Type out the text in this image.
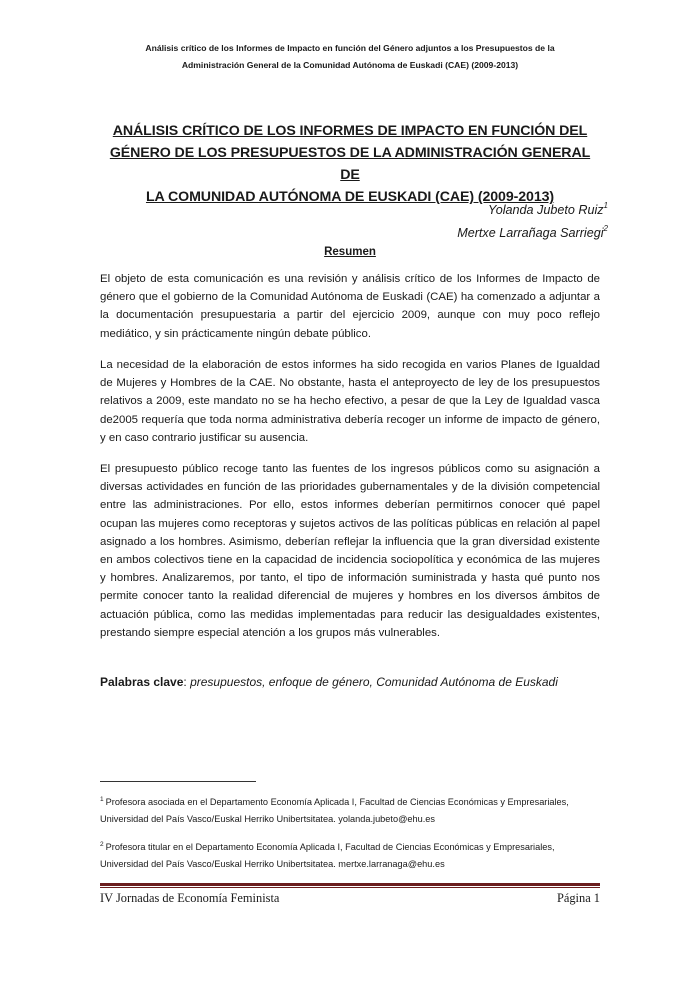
Análisis crítico de los Informes de Impacto en función del Género adjuntos a los Presupuestos de la
Administración General de la Comunidad Autónoma de Euskadi (CAE) (2009-2013)
ANÁLISIS CRÍTICO DE LOS INFORMES DE IMPACTO EN FUNCIÓN DEL
GÉNERO DE LOS PRESUPUESTOS DE LA ADMINISTRACIÓN GENERAL DE
LA COMUNIDAD AUTÓNOMA DE EUSKADI (CAE) (2009-2013)
Yolanda Jubeto Ruiz$^1$
Mertxe Larrañaga Sarriegi$^2$
Resumen

El objeto de esta comunicación es una revisión y análisis crítico de los Informes de Impacto de género que el gobierno de la Comunidad Autónoma de Euskadi (CAE) ha comenzado a adjuntar a la documentación presupuestaria a partir del ejercicio 2009, aunque con muy poco reflejo mediático, y sin prácticamente ningún debate público.

La necesidad de la elaboración de estos informes ha sido recogida en varios Planes de Igualdad de Mujeres y Hombres de la CAE. No obstante, hasta el anteproyecto de ley de los presupuestos relativos a 2009, este mandato no se ha hecho efectivo, a pesar de que la Ley de Igualdad vasca de2005 requería que toda norma administrativa debería recoger un informe de impacto de género, y en caso contrario justificar su ausencia.

El presupuesto público recoge tanto las fuentes de los ingresos públicos como su asignación a diversas actividades en función de las prioridades gubernamentales y de la división competencial entre las administraciones. Por ello, estos informes deberían permitirnos conocer qué papel ocupan las mujeres como receptoras y sujetos activos de las políticas públicas en relación al papel asignado a los hombres. Asimismo, deberían reflejar la influencia que la gran diversidad existente en ambos colectivos tiene en la capacidad de incidencia sociopolítica y económica de las mujeres y hombres. Analizaremos, por tanto, el tipo de información suministrada y hasta qué punto nos permite conocer tanto la realidad diferencial de mujeres y hombres en los diversos ámbitos de actuación pública, como las medidas implementadas para reducir las desigualdades existentes, prestando siempre especial atención a los grupos más vulnerables.

Palabras clave: presupuestos, enfoque de género, Comunidad Autónoma de Euskadi
$^1$ Profesora asociada en el Departamento Economía Aplicada I, Facultad de Ciencias Económicas y Empresariales, Universidad del País Vasco/Euskal Herriko Unibertsitatea. yolanda.jubeto@ehu.es
$^2$ Profesora titular en el Departamento Economía Aplicada I, Facultad de Ciencias Económicas y Empresariales, Universidad del País Vasco/Euskal Herriko Unibertsitatea. mertxe.larranaga@ehu.es
IV Jornadas de Economía Feminista	Página 1
